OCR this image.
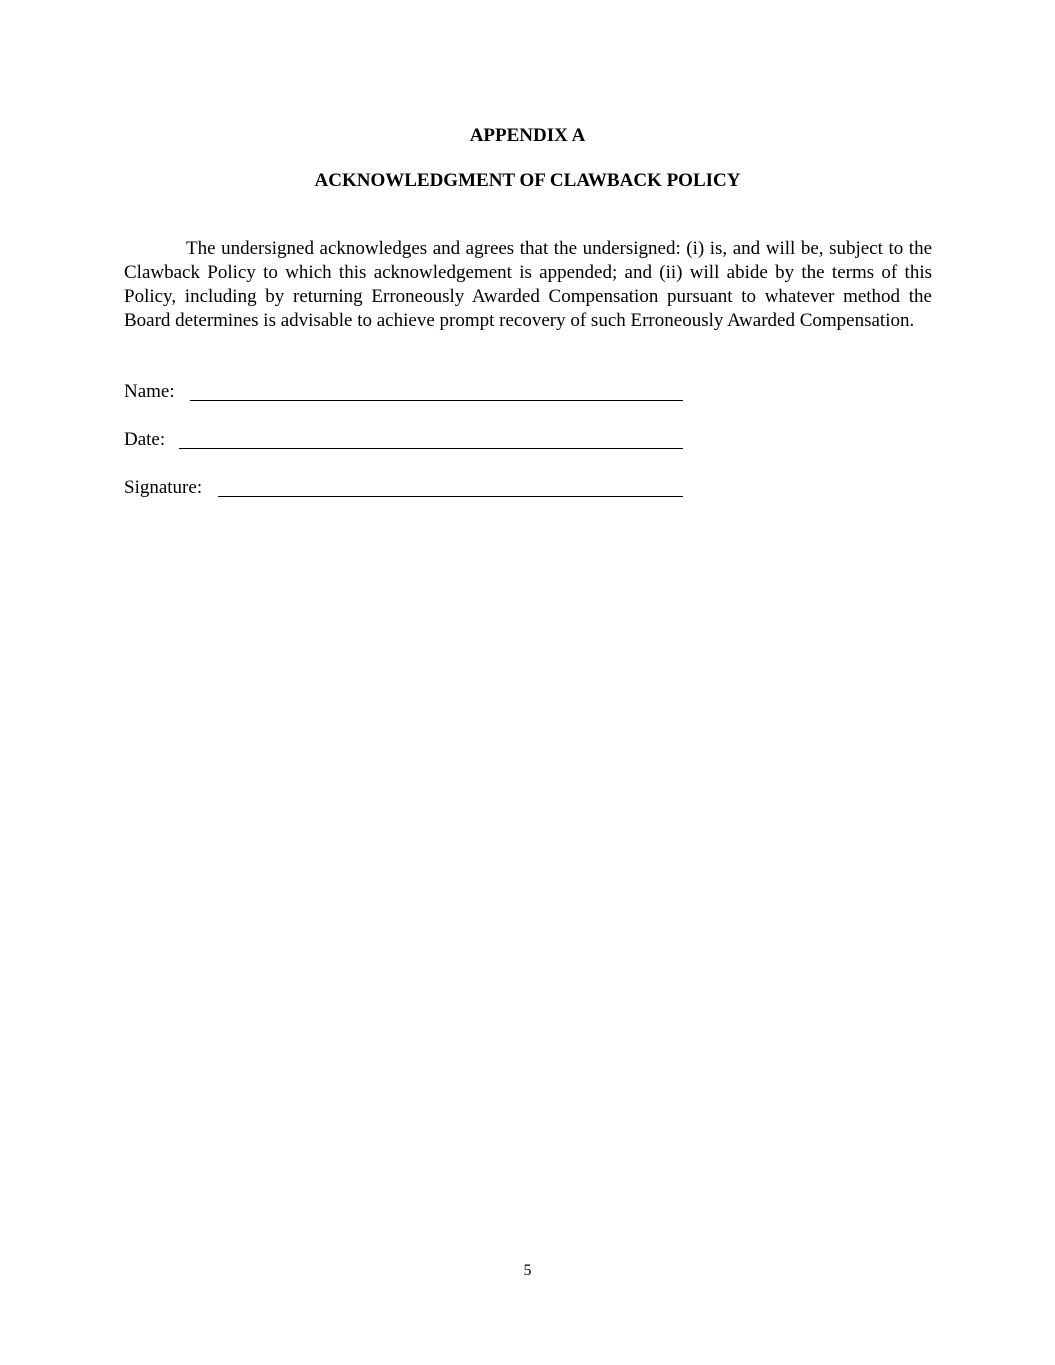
APPENDIX A
ACKNOWLEDGMENT OF CLAWBACK POLICY

The undersigned acknowledges and agrees that the undersigned: (i) is, and will be, subject to the Clawback Policy to which this acknowledgement is appended; and (ii) will abide by the terms of this Policy, including by returning Erroneously Awarded Compensation pursuant to whatever method the Board determines is advisable to achieve prompt recovery of such Erroneously Awarded Compensation.

Name:
Date:
Signature:
5
